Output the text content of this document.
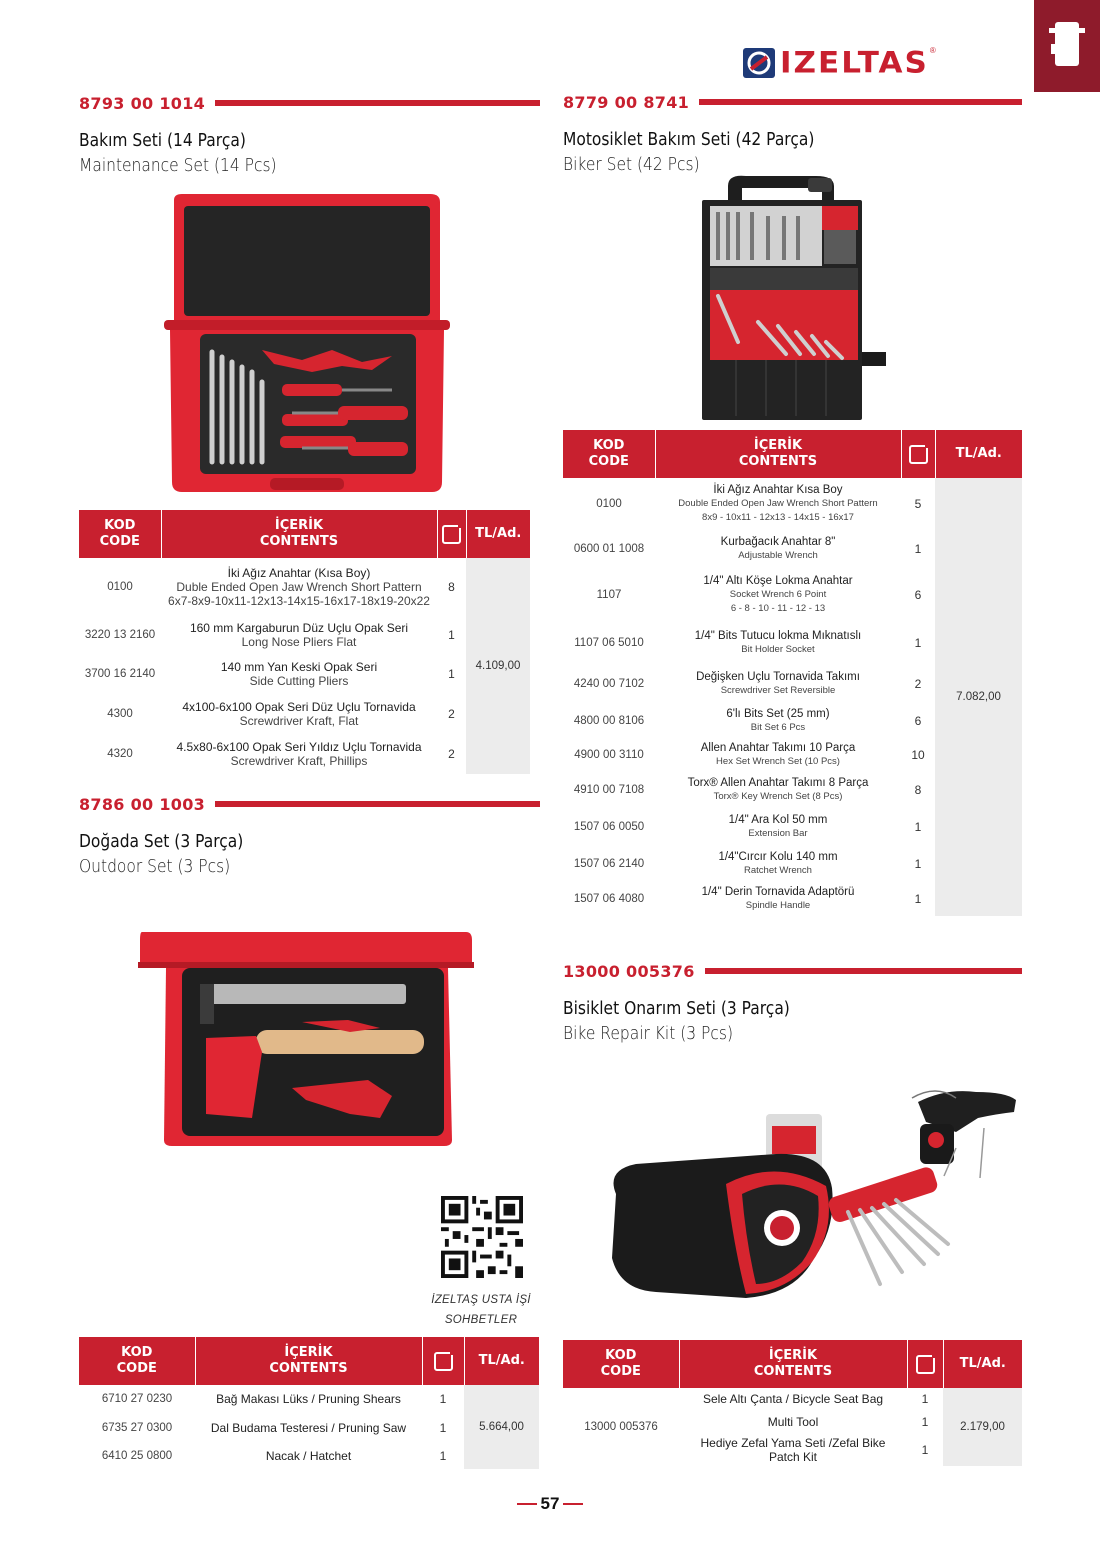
IZELTAS ®
8793 00 1014
Bakım Seti (14 Parça)
Maintenance Set (14 Pcs)
KOD
CODE	İÇERİK
CONTENTS		TL/Ad.
0100	İki Ağız Anahtar (Kısa Boy)
Duble Ended Open Jaw Wrench Short Pattern
6x7-8x9-10x11-12x13-14x15-16x17-18x19-20x22	8	4.109,00
3220 13 2160	160 mm Kargaburun Düz Uçlu Opak Seri
Long Nose Pliers Flat	1	
3700 16 2140	140 mm Yan Keski Opak Seri
Side Cutting Pliers	1	
4300	4x100-6x100 Opak Seri Düz Uçlu Tornavida
Screwdriver Kraft, Flat	2	
4320	4.5x80-6x100 Opak Seri Yıldız Uçlu Tornavida
Screwdriver Kraft, Phillips	2	
8786 00 1003
Doğada Set (3 Parça)
Outdoor Set (3 Pcs)
İZELTAŞ USTA İŞİ
SOHBETLER
KOD
CODE	İÇERİK
CONTENTS		TL/Ad.
6710 27 0230	Bağ Makası Lüks / Pruning Shears	1	5.664,00
6735 27 0300	Dal Budama Testeresi / Pruning Saw	1	
6410 25 0800	Nacak / Hatchet	1	
8779 00 8741
Motosiklet Bakım Seti (42 Parça)
Biker Set (42 Pcs)
KOD
CODE	İÇERİK
CONTENTS		TL/Ad.
0100	İki Ağız Anahtar Kısa Boy
Double Ended Open Jaw Wrench Short Pattern
8x9 - 10x11 - 12x13 - 14x15 - 16x17	5	7.082,00
0600 01 1008	Kurbağacık Anahtar 8"
Adjustable Wrench	1	
1107	1/4" Altı Köşe Lokma Anahtar
Socket Wrench 6 Point
6 - 8 - 10 - 11 - 12 - 13	6	
1107 06 5010	1/4" Bits Tutucu lokma Mıknatıslı
Bit Holder Socket	1	
4240 00 7102	Değişken Uçlu Tornavida Takımı
Screwdriver Set Reversible	2	
4800 00 8106	6'lı Bits Set (25 mm)
Bit Set 6 Pcs	6	
4900 00 3110	Allen Anahtar Takımı 10 Parça
Hex Set Wrench Set (10 Pcs)	10	
4910 00 7108	Torx® Allen Anahtar Takımı 8 Parça
Torx® Key Wrench Set (8 Pcs)	8	
1507 06 0050	1/4" Ara Kol 50 mm
Extension Bar	1	
1507 06 2140	1/4"Cırcır Kolu 140 mm
Ratchet Wrench	1	
1507 06 4080	1/4" Derin Tornavida Adaptörü
Spindle Handle	1	
13000 005376
Bisiklet Onarım Seti (3 Parça)
Bike Repair Kit (3 Pcs)
KOD
CODE	İÇERİK
CONTENTS		TL/Ad.
13000 005376	Sele Altı Çanta / Bicycle Seat Bag	1	2.179,00

	Multi Tool	1	

	Hediye Zefal Yama Seti /Zefal Bike Patch Kit	1	
57
